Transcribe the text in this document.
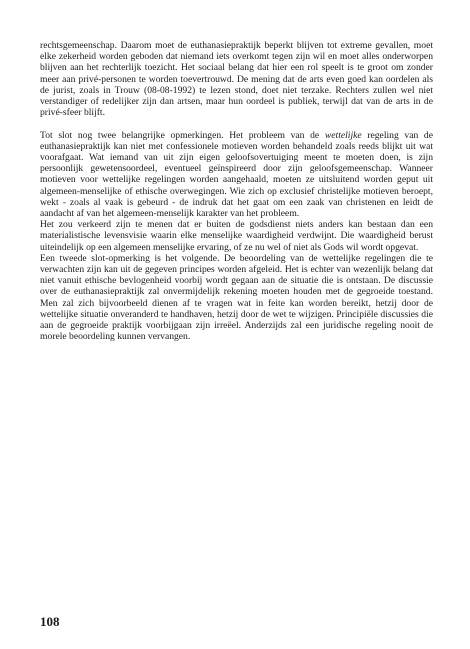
rechtsgemeenschap. Daarom moet de euthanasiepraktijk beperkt blijven tot extreme gevallen, moet elke zekerheid worden geboden dat niemand iets overkomt tegen zijn wil en moet alles onderworpen blijven aan het rechterlijk toezicht. Het sociaal belang dat hier een rol speelt is te groot om zonder meer aan privé-personen te worden toevertrouwd. De mening dat de arts even goed kan oordelen als de jurist, zoals in Trouw (08-08-1992) te lezen stond, doet niet terzake. Rechters zullen wel niet verstandiger of redelijker zijn dan artsen, maar hun oordeel is publiek, terwijl dat van de arts in de privé-sfeer blijft.

Tot slot nog twee belangrijke opmerkingen. Het probleem van de wettelijke regeling van de euthanasiepraktijk kan niet met confessionele motieven worden behandeld zoals reeds blijkt uit wat voorafgaat. Wat iemand van uit zijn eigen geloofsovertuiging meent te moeten doen, is zijn persoonlijk gewetensoordeel, eventueel geïnspireerd door zijn geloofsgemeenschap. Wanneer motieven voor wettelijke regelingen worden aangehaald, moeten ze uitsluitend worden geput uit algemeen-menselijke of ethische overwegingen. Wie zich op exclusief christelijke motieven beroept, wekt - zoals al vaak is gebeurd - de indruk dat het gaat om een zaak van christenen en leidt de aandacht af van het algemeen-menselijk karakter van het probleem.

Het zou verkeerd zijn te menen dat er buiten de godsdienst niets anders kan bestaan dan een materialistische levensvisie waarin elke menselijke waardigheid verdwijnt. Die waardigheid berust uiteindelijk op een algemeen menselijke ervaring, of ze nu wel of niet als Gods wil wordt opgevat.

Een tweede slot-opmerking is het volgende. De beoordeling van de wettelijke regelingen die te verwachten zijn kan uit de gegeven principes worden afgeleid. Het is echter van wezenlijk belang dat niet vanuit ethische bevlogenheid voorbij wordt gegaan aan de situatie die is ontstaan. De discussie over de euthanasiepraktijk zal onvermijdelijk rekening moeten houden met de gegroeide toestand. Men zal zich bijvoorbeeld dienen af te vragen wat in feite kan worden bereikt, hetzij door de wettelijke situatie onveranderd te handhaven, hetzij door de wet te wijzigen. Principiële discussies die aan de gegroeide praktijk voorbijgaan zijn irreëel. Anderzijds zal een juridische regeling nooit de morele beoordeling kunnen vervangen.

108
